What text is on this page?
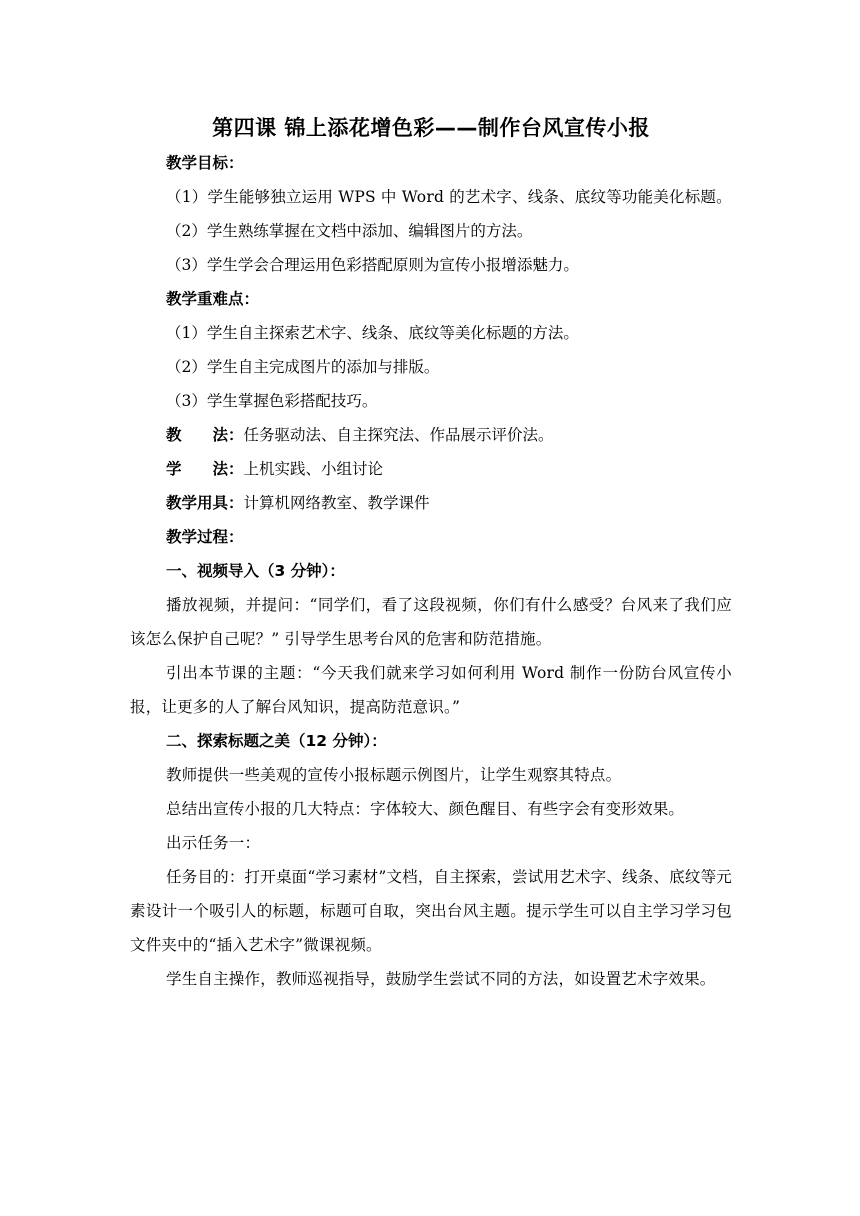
第四课 锦上添花增色彩——制作台风宣传小报

教学目标：

（1）学生能够独立运用 WPS 中 Word 的艺术字、线条、底纹等功能美化标题。

（2）学生熟练掌握在文档中添加、编辑图片的方法。

（3）学生学会合理运用色彩搭配原则为宣传小报增添魅力。

教学重难点：

（1）学生自主探索艺术字、线条、底纹等美化标题的方法。

（2）学生自主完成图片的添加与排版。

（3）学生掌握色彩搭配技巧。

教　　法：任务驱动法、自主探究法、作品展示评价法。

学　　法：上机实践、小组讨论

教学用具：计算机网络教室、教学课件

教学过程：

一、视频导入（3 分钟）：

播放视频，并提问：“同学们，看了这段视频，你们有什么感受？台风来了我们应该怎么保护自己呢？” 引导学生思考台风的危害和防范措施。

引出本节课的主题：“今天我们就来学习如何利用 Word 制作一份防台风宣传小报，让更多的人了解台风知识，提高防范意识。”

二、探索标题之美（12 分钟）：

教师提供一些美观的宣传小报标题示例图片，让学生观察其特点。

总结出宣传小报的几大特点：字体较大、颜色醒目、有些字会有变形效果。

出示任务一：

任务目的：打开桌面“学习素材”文档，自主探索，尝试用艺术字、线条、底纹等元素设计一个吸引人的标题，标题可自取，突出台风主题。提示学生可以自主学习学习包文件夹中的“插入艺术字”微课视频。

学生自主操作，教师巡视指导，鼓励学生尝试不同的方法，如设置艺术字效果。
